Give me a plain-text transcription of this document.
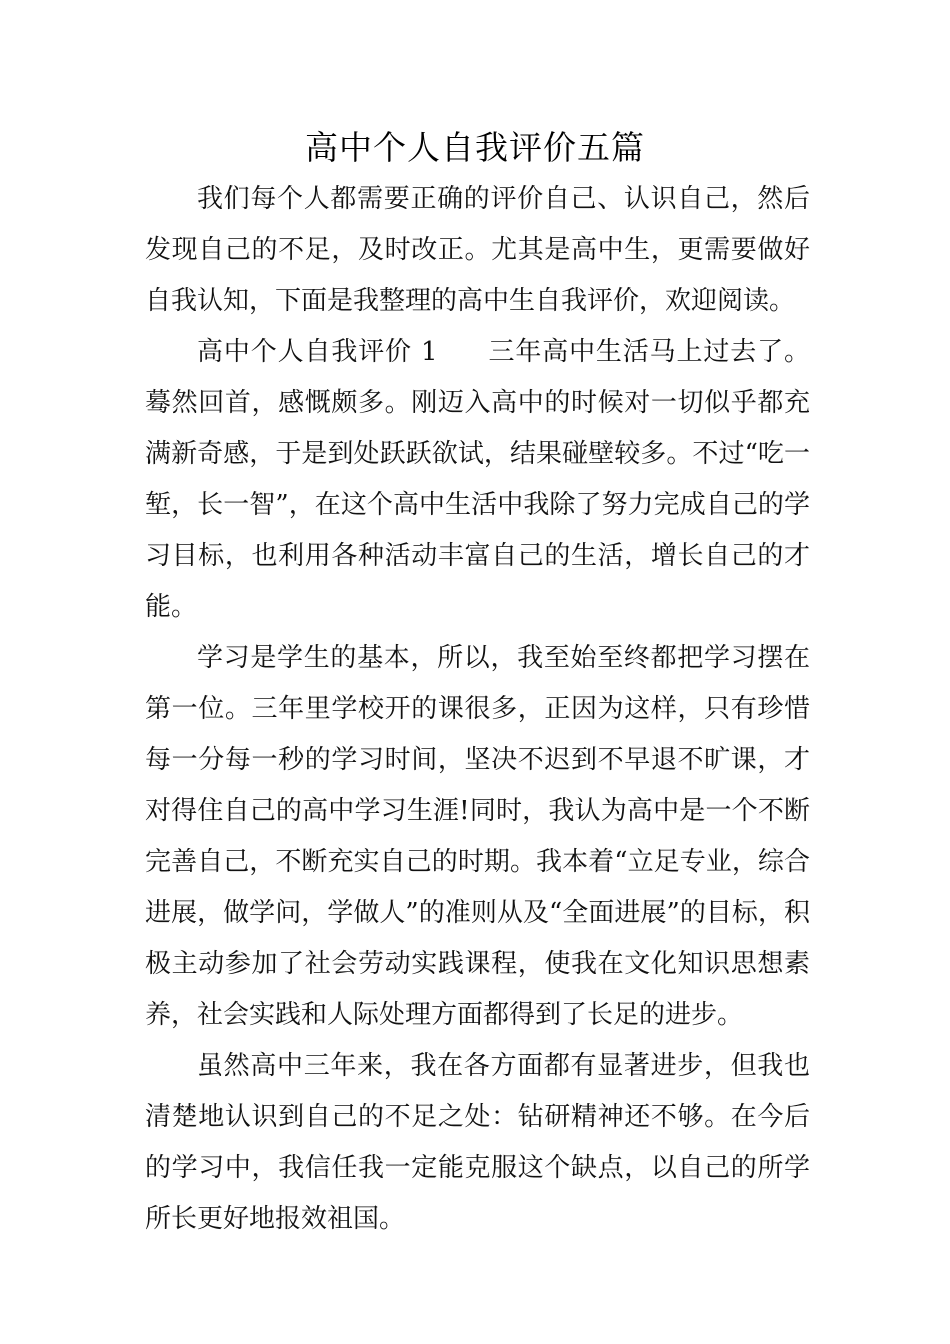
高中个人自我评价五篇

我们每个人都需要正确的评价自己、认识自己，然后发现自己的不足，及时改正。尤其是高中生，更需要做好自我认知，下面是我整理的高中生自我评价，欢迎阅读。

高中个人自我评价 1 三年高中生活马上过去了。蓦然回首，感慨颇多。刚迈入高中的时候对一切似乎都充满新奇感，于是到处跃跃欲试，结果碰壁较多。不过“吃一堑，长一智”，在这个高中生活中我除了努力完成自己的学习目标，也利用各种活动丰富自己的生活，增长自己的才能。

学习是学生的基本，所以，我至始至终都把学习摆在第一位。三年里学校开的课很多，正因为这样，只有珍惜每一分每一秒的学习时间，坚决不迟到不早退不旷课，才对得住自己的高中学习生涯!同时，我认为高中是一个不断完善自己，不断充实自己的时期。我本着“立足专业，综合进展，做学问，学做人”的准则从及“全面进展”的目标，积极主动参加了社会劳动实践课程，使我在文化知识思想素养，社会实践和人际处理方面都得到了长足的进步。

虽然高中三年来，我在各方面都有显著进步，但我也清楚地认识到自己的不足之处：钻研精神还不够。在今后的学习中，我信任我一定能克服这个缺点，以自己的所学所长更好地报效祖国。
